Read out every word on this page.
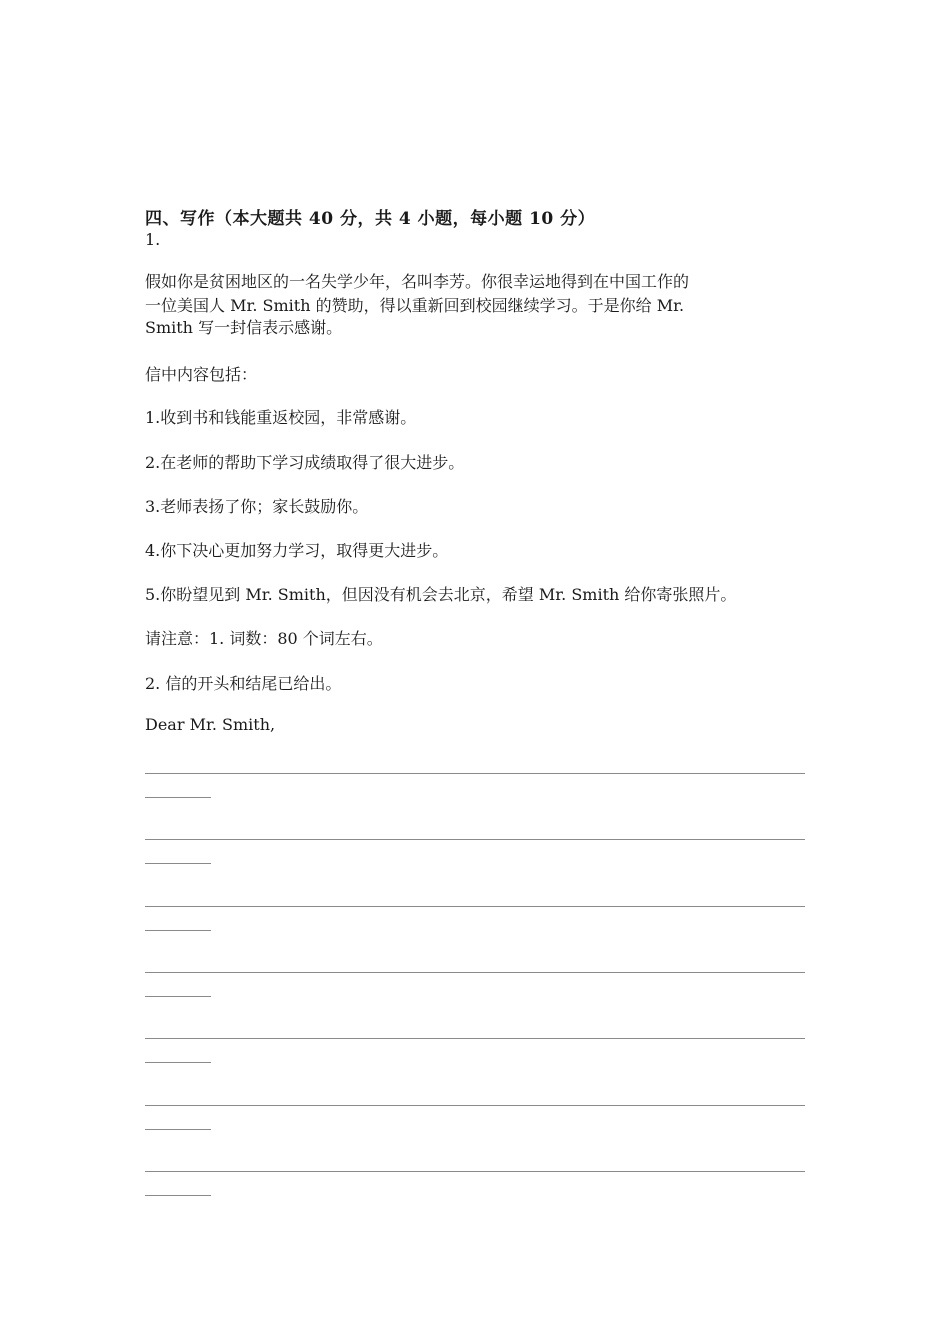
四、写作（本大题共 40 分，共 4 小题，每小题 10 分）
1.
假如你是贫困地区的一名失学少年，名叫李芳。你很幸运地得到在中国工作的
一位美国人 Mr. Smith 的赞助，得以重新回到校园继续学习。于是你给 Mr.
Smith 写一封信表示感谢。
信中内容包括：
1.收到书和钱能重返校园，非常感谢。
2.在老师的帮助下学习成绩取得了很大进步。
3.老师表扬了你；家长鼓励你。
4.你下决心更加努力学习，取得更大进步。
5.你盼望见到 Mr. Smith，但因没有机会去北京，希望 Mr. Smith 给你寄张照片。
请注意：1. 词数：80 个词左右。
2. 信的开头和结尾已给出。
Dear Mr. Smith,
